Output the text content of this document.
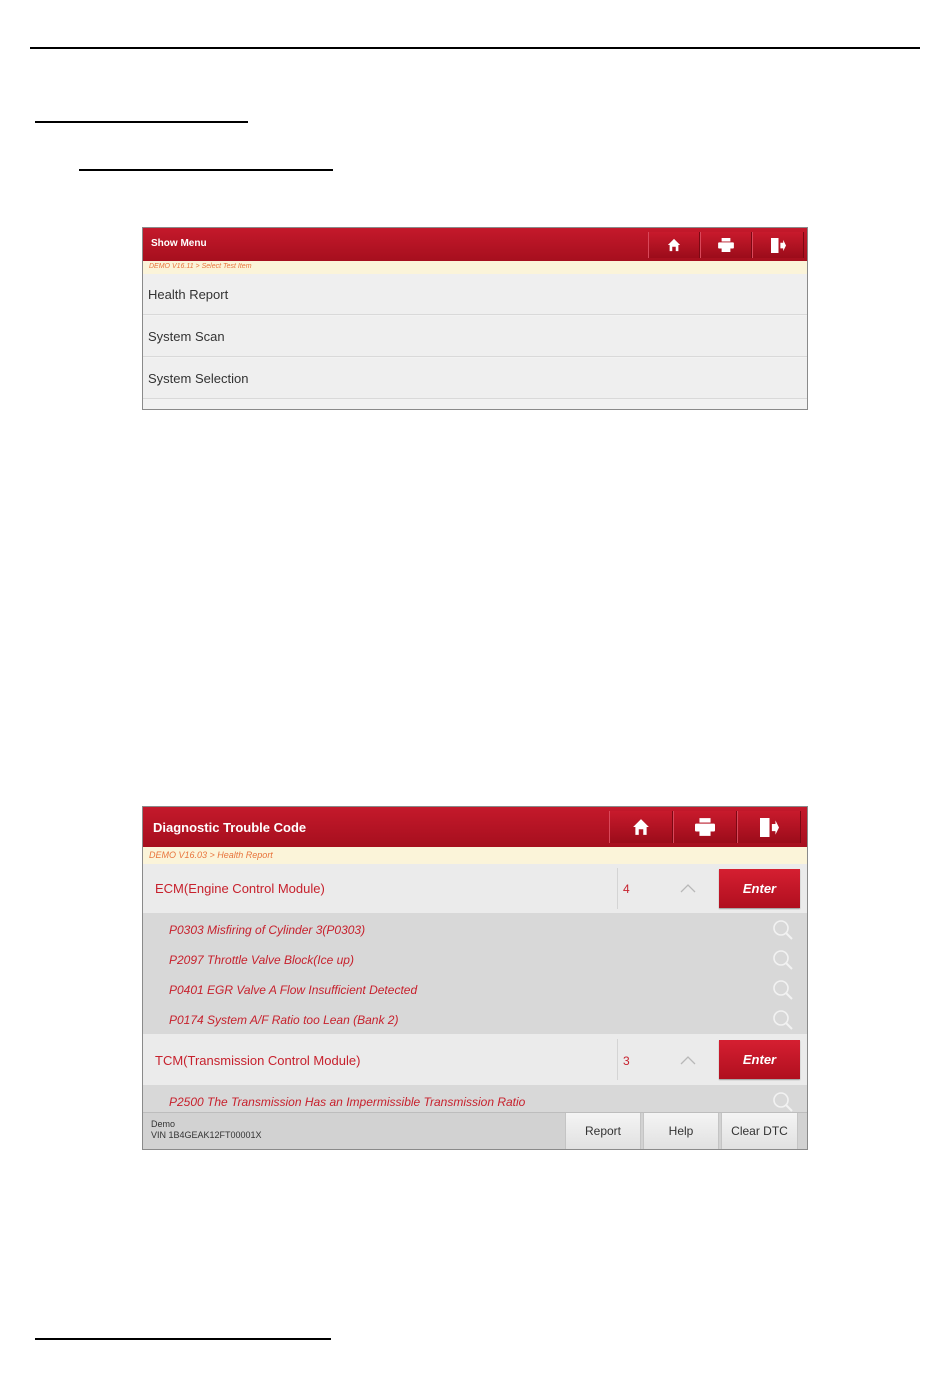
Show Menu
DEMO V16.11 > Select Test Item
Health Report
System Scan
System Selection
Diagnostic Trouble Code
DEMO V16.03 > Health Report
ECM(Engine Control Module)	4	Enter
P0303 Misfiring of Cylinder 3(P0303)
P2097 Throttle Valve Block(Ice up)
P0401 EGR Valve A Flow Insufficient Detected
P0174 System A/F Ratio too Lean (Bank 2)
TCM(Transmission Control Module)	3	Enter
P2500 The Transmission Has an Impermissible Transmission Ratio
Demo
VIN 1B4GEAK12FT00001X	Report	Help	Clear DTC
